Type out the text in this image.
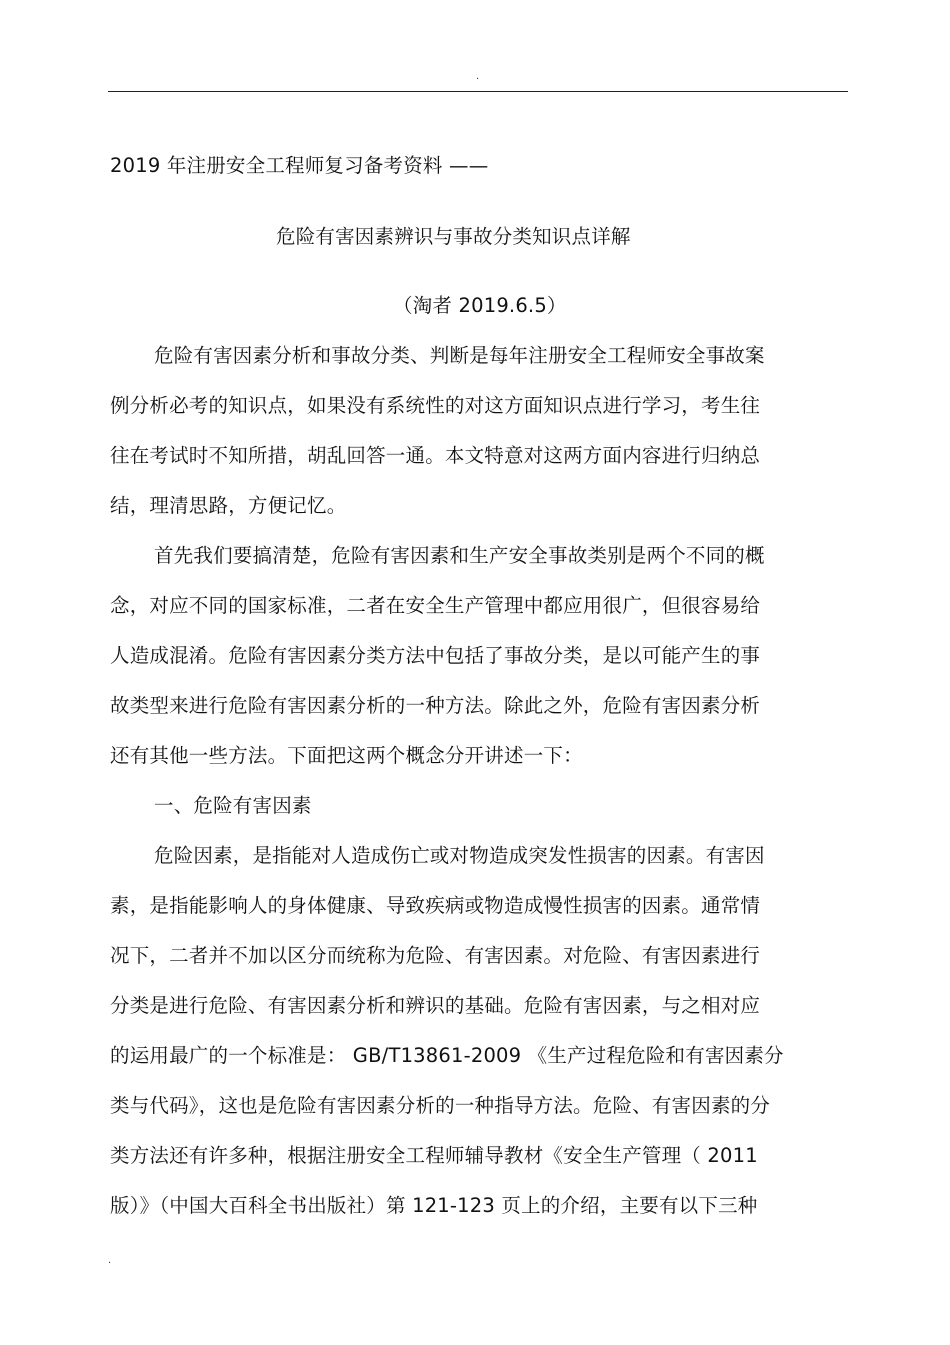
.
2019 年注册安全工程师复习备考资料 ——
危险有害因素辨识与事故分类知识点详解
（淘者 2019.6.5）
危险有害因素分析和事故分类、判断是每年注册安全工程师安全事故案
例分析必考的知识点，如果没有系统性的对这方面知识点进行学习，考生往
往在考试时不知所措，胡乱回答一通。本文特意对这两方面内容进行归纳总
结，理清思路，方便记忆。
首先我们要搞清楚，危险有害因素和生产安全事故类别是两个不同的概
念，对应不同的国家标准，二者在安全生产管理中都应用很广，但很容易给
人造成混淆。危险有害因素分类方法中包括了事故分类，是以可能产生的事
故类型来进行危险有害因素分析的一种方法。除此之外，危险有害因素分析
还有其他一些方法。下面把这两个概念分开讲述一下：
一、危险有害因素
危险因素，是指能对人造成伤亡或对物造成突发性损害的因素。有害因
素，是指能影响人的身体健康、导致疾病或物造成慢性损害的因素。通常情
况下，二者并不加以区分而统称为危险、有害因素。对危险、有害因素进行
分类是进行危险、有害因素分析和辨识的基础。危险有害因素，与之相对应
的运用最广的一个标准是： GB/T13861-2009 《生产过程危险和有害因素分
类与代码》，这也是危险有害因素分析的一种指导方法。危险、有害因素的分
类方法还有许多种，根据注册安全工程师辅导教材《安全生产管理（ 2011
版）》（中国大百科全书出版社）第 121-123 页上的介绍，主要有以下三种
.
